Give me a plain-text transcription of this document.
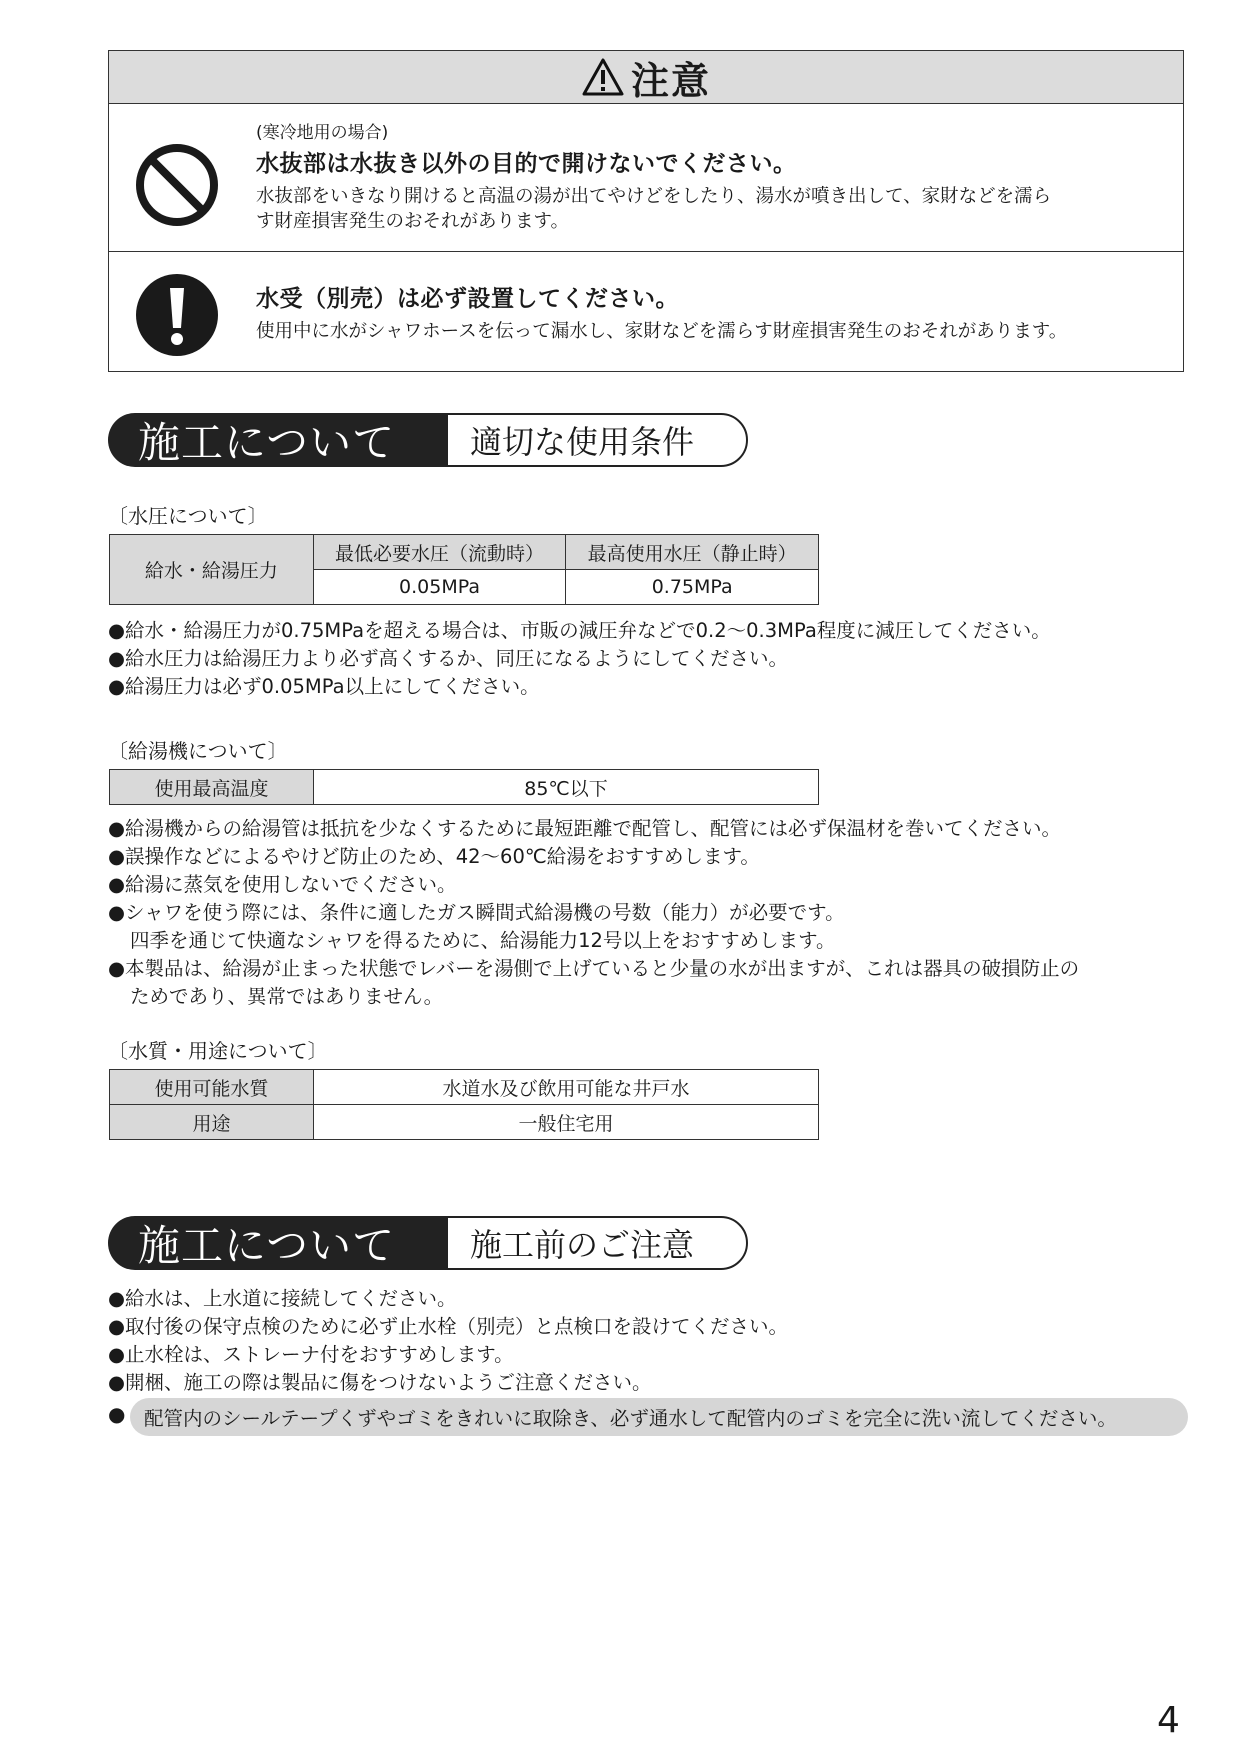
注意
(寒冷地用の場合)
水抜部は水抜き以外の目的で開けないでください。
水抜部をいきなり開けると高温の湯が出てやけどをしたり、湯水が噴き出して、家財などを濡ら
す財産損害発生のおそれがあります。
水受（別売）は必ず設置してください。
使用中に水がシャワホースを伝って漏水し、家財などを濡らす財産損害発生のおそれがあります。
適切な使用条件
施工について
〔水圧について〕
給水・給湯圧力	最低必要水圧（流動時）	最高使用水圧（静止時）
	0.05MPa	0.75MPa
●給水・給湯圧力が0.75MPaを超える場合は、市販の減圧弁などで0.2～0.3MPa程度に減圧してください。
●給水圧力は給湯圧力より必ず高くするか、同圧になるようにしてください。
●給湯圧力は必ず0.05MPa以上にしてください。
〔給湯機について〕
使用最高温度	85℃以下
●給湯機からの給湯管は抵抗を少なくするために最短距離で配管し、配管には必ず保温材を巻いてください。
●誤操作などによるやけど防止のため、42～60℃給湯をおすすめします。
●給湯に蒸気を使用しないでください。
●シャワを使う際には、条件に適したガス瞬間式給湯機の号数（能力）が必要です。
四季を通じて快適なシャワを得るために、給湯能力12号以上をおすすめします。
●本製品は、給湯が止まった状態でレバーを湯側で上げていると少量の水が出ますが、これは器具の破損防止の
ためであり、異常ではありません。
〔水質・用途について〕
使用可能水質	水道水及び飲用可能な井戸水
用途	一般住宅用
施工前のご注意
施工について
●給水は、上水道に接続してください。
●取付後の保守点検のために必ず止水栓（別売）と点検口を設けてください。
●止水栓は、ストレーナ付をおすすめします。
●開梱、施工の際は製品に傷をつけないようご注意ください。
● 配管内のシールテープくずやゴミをきれいに取除き、必ず通水して配管内のゴミを完全に洗い流してください。
4
